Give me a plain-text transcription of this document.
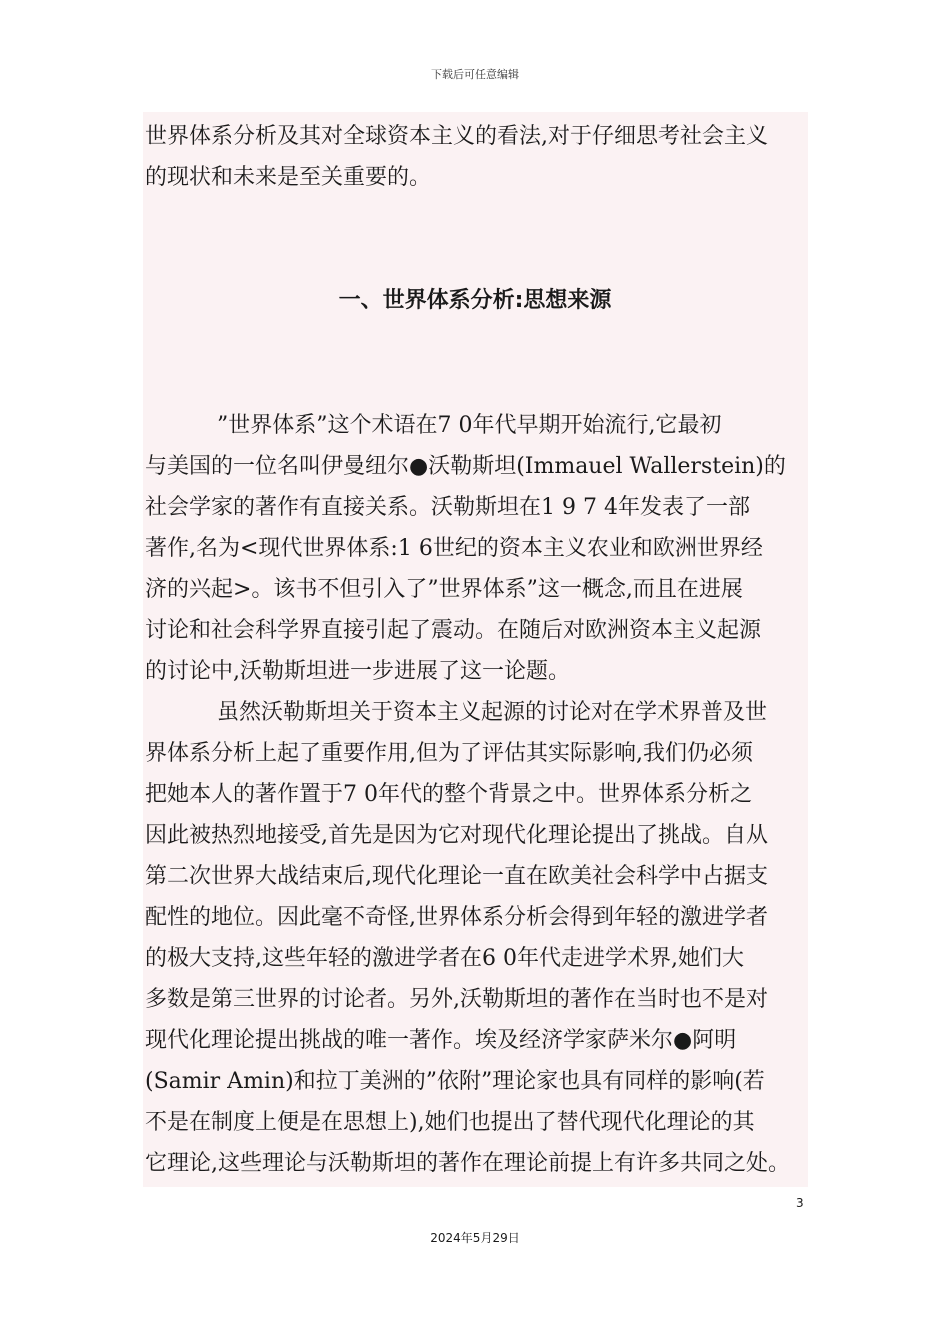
下载后可任意编辑
世界体系分析及其对全球资本主义的看法,对于仔细思考社会主义
的现状和未来是至关重要的。
一、世界体系分析:思想来源
”世界体系”这个术语在7 0年代早期开始流行,它最初
与美国的一位名叫伊曼纽尔●沃勒斯坦(Immauel Wallerstein)的
社会学家的著作有直接关系。沃勒斯坦在1 9 7 4年发表了一部
著作,名为<现代世界体系:1 6世纪的资本主义农业和欧洲世界经
济的兴起>。该书不但引入了”世界体系”这一概念,而且在进展
讨论和社会科学界直接引起了震动。在随后对欧洲资本主义起源
的讨论中,沃勒斯坦进一步进展了这一论题。
虽然沃勒斯坦关于资本主义起源的讨论对在学术界普及世
界体系分析上起了重要作用,但为了评估其实际影响,我们仍必须
把她本人的著作置于7 0年代的整个背景之中。世界体系分析之
因此被热烈地接受,首先是因为它对现代化理论提出了挑战。自从
第二次世界大战结束后,现代化理论一直在欧美社会科学中占据支
配性的地位。因此毫不奇怪,世界体系分析会得到年轻的激进学者
的极大支持,这些年轻的激进学者在6 0年代走进学术界,她们大
多数是第三世界的讨论者。另外,沃勒斯坦的著作在当时也不是对
现代化理论提出挑战的唯一著作。埃及经济学家萨米尔●阿明
(Samir Amin)和拉丁美洲的”依附”理论家也具有同样的影响(若
不是在制度上便是在思想上),她们也提出了替代现代化理论的其
它理论,这些理论与沃勒斯坦的著作在理论前提上有许多共同之处。
3
2024年5月29日
